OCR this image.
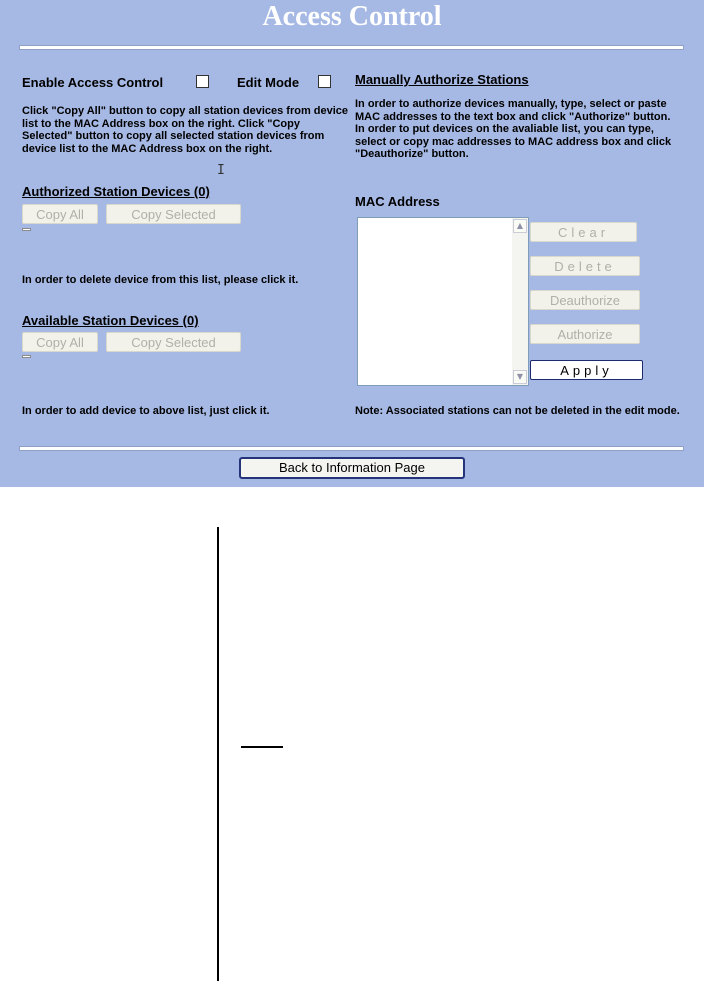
Access Control
Enable Access Control	Edit Mode
Click "Copy All" button to copy all station devices from device list to the MAC Address box on the right. Click "Copy Selected" button to copy all selected station devices from device list to the MAC Address box on the right.
I
Authorized Station Devices (0)
Copy All	Copy Selected
In order to delete device from this list, please click it.
Available Station Devices (0)
Copy All	Copy Selected
In order to add device to above list, just click it.
Manually Authorize Stations
In order to authorize devices manually, type, select or paste MAC addresses to the text box and click "Authorize" button. In order to put devices on the avaliable list, you can type, select or copy mac addresses to MAC address box and click "Deauthorize" button.
MAC Address
▲
▼
Clear
Delete
Deauthorize
Authorize
Apply
Note: Associated stations can not be deleted in the edit mode.
Back to Information Page
